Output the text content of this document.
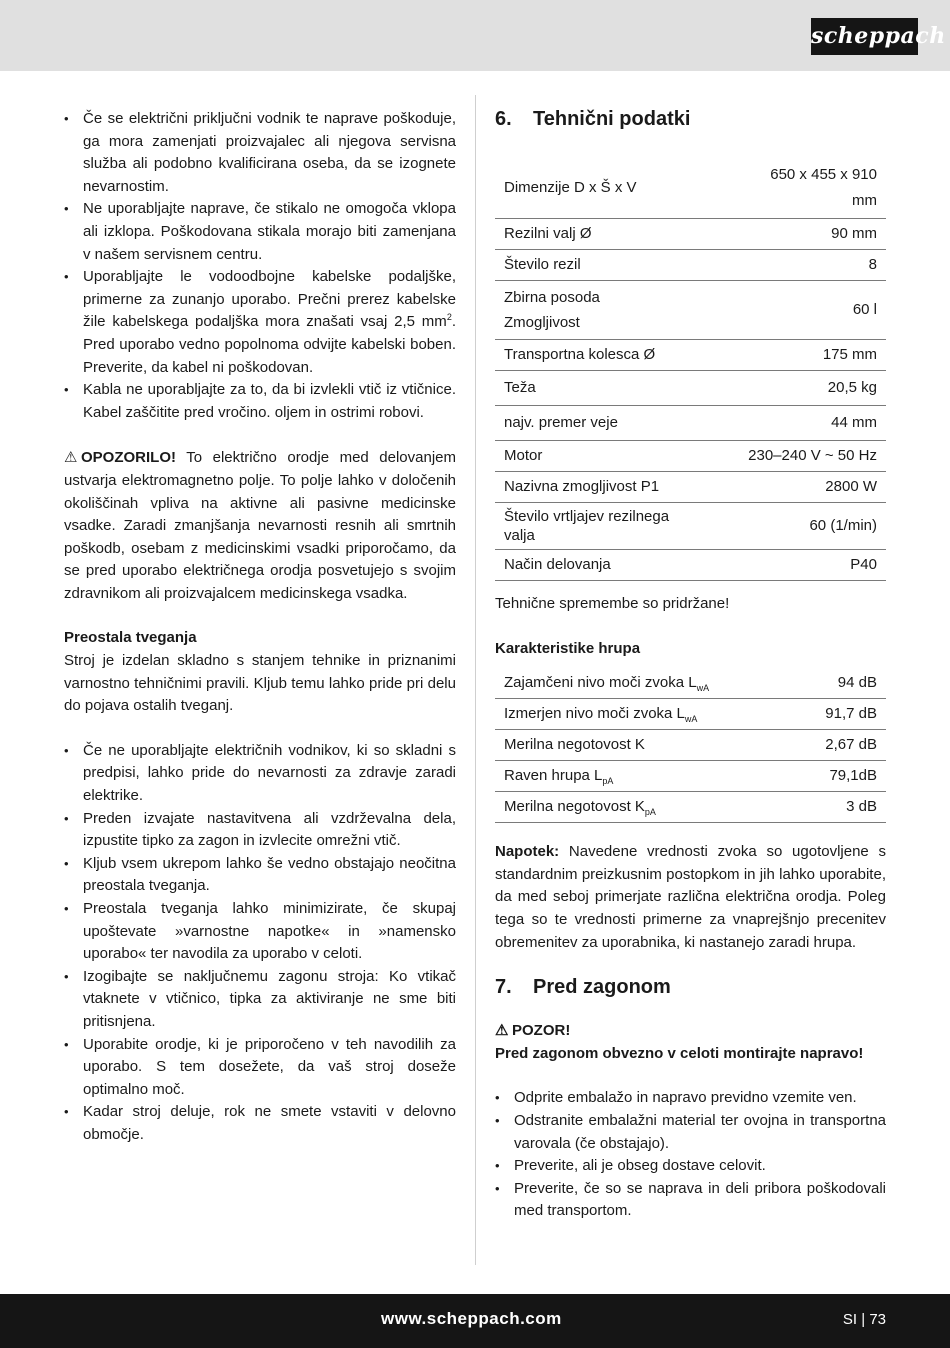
scheppach
• Če se električni priključni vodnik te naprave poškoduje, ga mora zamenjati proizvajalec ali njegova servisna služba ali podobno kvalificirana oseba, da se izognete nevarnostim.
• Ne uporabljajte naprave, če stikalo ne omogoča vklopa ali izklopa. Poškodovana stikala morajo biti zamenjana v našem servisnem centru.
• Uporabljajte le vodoodbojne kabelske podaljške, primerne za zunanjo uporabo. Prečni prerez kabelske žile kabelskega podaljška mora znašati vsaj 2,5 $mm^2$. Pred uporabo vedno popolnoma odvijte kabelski boben. Preverite, da kabel ni poškodovan.
• Kabla ne uporabljajte za to, da bi izvlekli vtič iz vtičnice. Kabel zaščitite pred vročino. oljem in ostrimi robovi.

⚠ OPOZORILO! To električno orodje med delovanjem ustvarja elektromagnetno polje. To polje lahko v določenih okoliščinah vpliva na aktivne ali pasivne medicinske vsadke. Zaradi zmanjšanja nevarnosti resnih ali smrtnih poškodb, osebam z medicinskimi vsadki priporočamo, da se pred uporabo električnega orodja posvetujejo s svojim zdravnikom ali proizvajalcem medicinskega vsadka.

Preostala tveganja

Stroj je izdelan skladno s stanjem tehnike in priznanimi varnostno tehničnimi pravili. Kljub temu lahko pride pri delu do pojava ostalih tveganj.

• Če ne uporabljajte električnih vodnikov, ki so skladni s predpisi, lahko pride do nevarnosti za zdravje zaradi elektrike.
• Preden izvajate nastavitvena ali vzdrževalna dela, izpustite tipko za zagon in izvlecite omrežni vtič.
• Kljub vsem ukrepom lahko še vedno obstajajo neočitna preostala tveganja.
• Preostala tveganja lahko minimizirate, če skupaj upoštevate »varnostne napotke« in »namensko uporabo« ter navodila za uporabo v celoti.
• Izogibajte se naključnemu zagonu stroja: Ko vtikač vtaknete v vtičnico, tipka za aktiviranje ne sme biti pritisnjena.
• Uporabite orodje, ki je priporočeno v teh navodilih za uporabo. S tem dosežete, da vaš stroj doseže optimalno moč.
• Kadar stroj deluje, rok ne smete vstaviti v delovno območje.
6. Tehnični podatki
Dimenzije D x Š x V	650 x 455 x 910
mm

Rezilni valj Ø	90 mm
Število rezil	8

Zbirna posoda
Zmogljivost	60 l
Transportna kolesca Ø	175 mm
Teža	20,5 kg
najv. premer veje	44 mm
Motor	230–240 V ~ 50 Hz
Nazivna zmogljivost P1	2800 W

Število vrtljajev rezilnega
valja	60 (1/min)
Način delovanja	P40

Tehnične spremembe so pridržane!

Karakteristike hrupa

Zajamčeni nivo moči zvoka $L_{wA}$	94 dB
Izmerjen nivo moči zvoka $L_{wA}$	91,7 dB
Merilna negotovost K	2,67 dB
Raven hrupa $L_{pA}$	79,1dB
Merilna negotovost $K_{pA}$	3 dB

Napotek: Navedene vrednosti zvoka so ugotovljene s standardnim preizkusnim postopkom in jih lahko uporabite, da med seboj primerjate različna električna orodja. Poleg tega so te vrednosti primerne za vnaprejšnjo precenitev obremenitev za uporabnika, ki nastanejo zaradi hrupa.

7. Pred zagonom

⚠ POZOR!

Pred zagonom obvezno v celoti montirajte napravo!

• Odprite embalažo in napravo previdno vzemite ven.
• Odstranite embalažni material ter ovojna in transportna varovala (če obstajajo).
• Preverite, ali je obseg dostave celovit.
• Preverite, če so se naprava in deli pribora poškodovali med transportom.
www.scheppach.com	SI | 73
